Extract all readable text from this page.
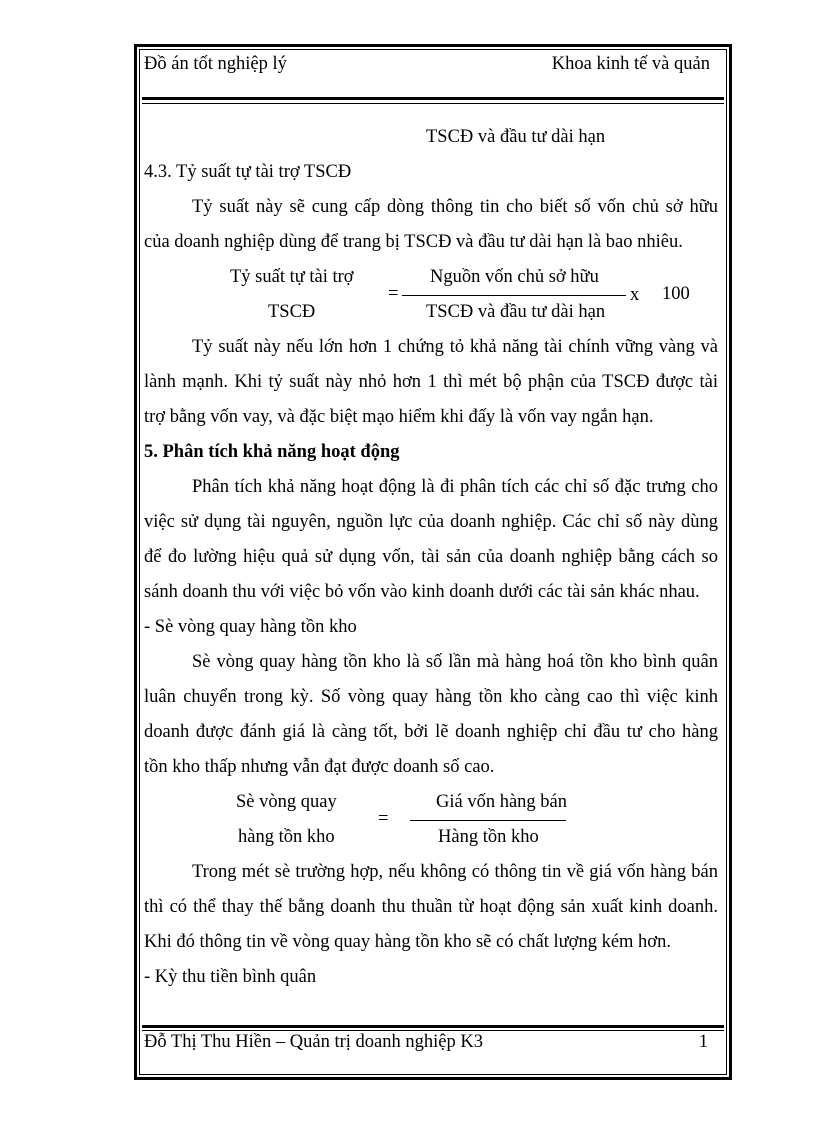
Đồ án tốt nghiệp lý	Khoa kinh tế và quản
TSCĐ và đầu tư dài hạn
4.3. Tỷ suất tự tài trợ TSCĐ
Tỷ suất này sẽ cung cấp dòng thông tin cho biết số vốn chủ sở hữu
của doanh nghiệp dùng để trang bị TSCĐ và đầu tư dài hạn là bao nhiêu.
Tỷ suất tự tài trợ
TSCĐ
=
Nguồn vốn chủ sở hữu
TSCĐ và đầu tư dài hạn
x 100
Tỷ suất này nếu lớn hơn 1 chứng tỏ khả năng tài chính vững vàng và
lành mạnh. Khi tỷ suất này nhỏ hơn 1 thì mét bộ phận của TSCĐ được tài
trợ bằng vốn vay, và đặc biệt mạo hiểm khi đấy là vốn vay ngắn hạn.
5. Phân tích khả năng hoạt động
Phân tích khả năng hoạt động là đi phân tích các chỉ số đặc trưng cho
việc sử dụng tài nguyên, nguồn lực của doanh nghiệp. Các chỉ số này dùng
để đo lường hiệu quả sử dụng vốn, tài sản của doanh nghiệp bằng cách so
sánh doanh thu với việc bỏ vốn vào kinh doanh dưới các tài sản khác nhau.
- Sè vòng quay hàng tồn kho
Sè vòng quay hàng tồn kho là số lần mà hàng hoá tồn kho bình quân
luân chuyển trong kỳ. Số vòng quay hàng tồn kho càng cao thì việc kinh
doanh được đánh giá là càng tốt, bởi lẽ doanh nghiệp chỉ đầu tư cho hàng
tồn kho thấp nhưng vẫn đạt được doanh số cao.
Sè vòng quay
hàng tồn kho
=
Giá vốn hàng bán
Hàng tồn kho
Trong mét sè trường hợp, nếu không có thông tin về giá vốn hàng bán
thì có thể thay thế bằng doanh thu thuần từ hoạt động sản xuất kinh doanh.
Khi đó thông tin về vòng quay hàng tồn kho sẽ có chất lượng kém hơn.
- Kỳ thu tiền bình quân
Đỗ Thị Thu Hiền – Quản trị doanh nghiệp K3	1
